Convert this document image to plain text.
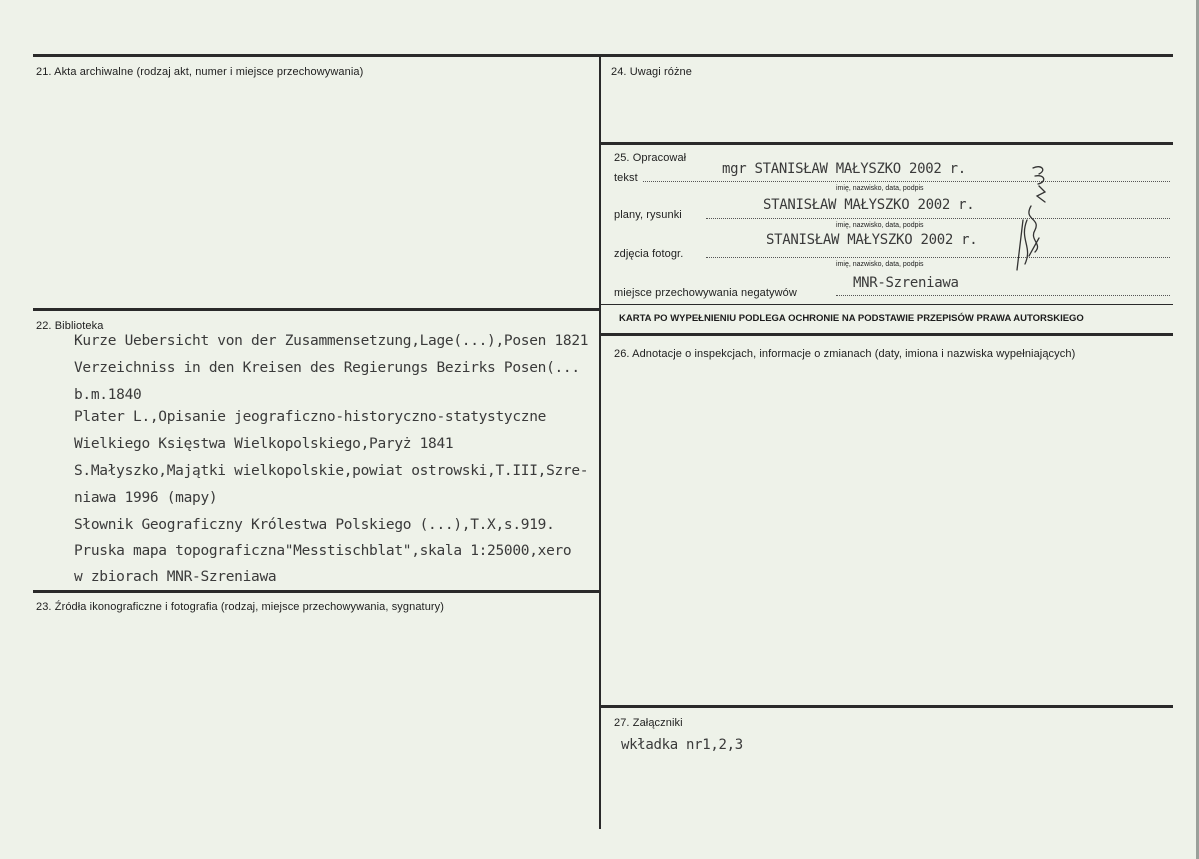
21. Akta archiwalne (rodzaj akt, numer i miejsce przechowywania)
22. Biblioteka
Kurze Uebersicht von der Zusammensetzung,Lage(...),Posen 1821
Verzeichniss in den Kreisen des Regierungs Bezirks Posen(...
b.m.1840
Plater L.,Opisanie jeograficzno-historyczno-statystyczne
Wielkiego Księstwa Wielkopolskiego,Paryż 1841
S.Małyszko,Majątki wielkopolskie,powiat ostrowski,T.III,Szre-
niawa 1996 (mapy)
Słownik Geograficzny Królestwa Polskiego (...),T.X,s.919.
Pruska mapa topograficzna"Messtischblat",skala 1:25000,xero
w zbiorach MNR-Szreniawa
23. Źródła ikonograficzne i fotografia (rodzaj, miejsce przechowywania, sygnatury)
24. Uwagi różne
25. Opracował
tekst
mgr STANISŁAW MAŁYSZKO 2002 r.
imię, nazwisko, data, podpis
plany, rysunki
STANISŁAW MAŁYSZKO 2002 r.
imię, nazwisko, data, podpis
zdjęcia fotogr.
STANISŁAW MAŁYSZKO 2002 r.
imię, nazwisko, data, podpis
miejsce przechowywania negatywów
MNR-Szreniawa
KARTA PO WYPEŁNIENIU PODLEGA OCHRONIE NA PODSTAWIE PRZEPISÓW PRAWA AUTORSKIEGO
26. Adnotacje o inspekcjach, informacje o zmianach (daty, imiona i nazwiska wypełniających)
27. Załączniki
wkładka nr1,2,3
